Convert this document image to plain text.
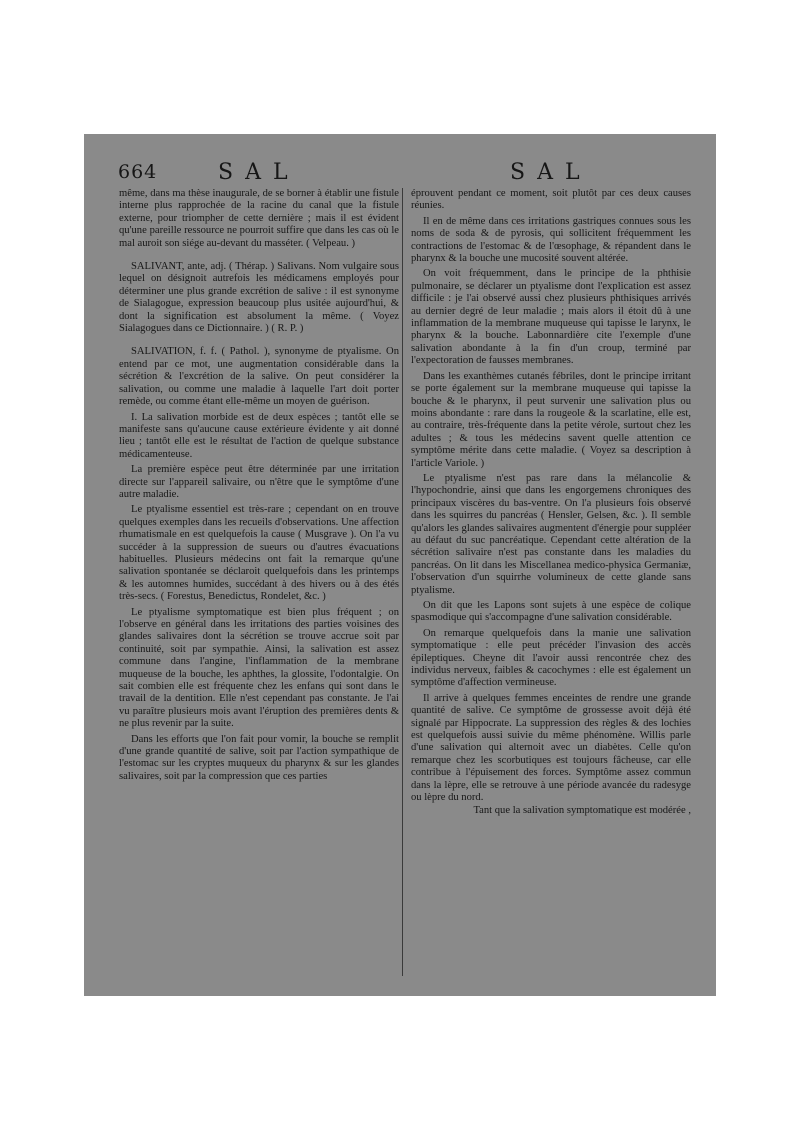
664	SAL	SAL

même, dans ma thèse inaugurale, de se borner à établir une fistule interne plus rapprochée de la racine du canal que la fistule externe, pour triompher de cette dernière ; mais il est évident qu'une pareille ressource ne pourroit suffire que dans les cas où le mal auroit son siége au-devant du masséter. ( Velpeau. )

SALIVANT, ante, adj. ( Thérap. ) Salivans. Nom vulgaire sous lequel on désignoit autrefois les médicamens employés pour déterminer une plus grande excrétion de salive : il est synonyme de Sialagogue, expression beaucoup plus usitée aujourd'hui, & dont la signification est absolument la même. ( Voyez Sialagogues dans ce Dictionnaire. ) ( R. P. )

SALIVATION, f. f. ( Pathol. ), synonyme de ptyalisme. On entend par ce mot, une augmentation considérable dans la sécrétion & l'excrétion de la salive. On peut considérer la salivation, ou comme une maladie à laquelle l'art doit porter remède, ou comme étant elle-même un moyen de guérison.

I. La salivation morbide est de deux espèces ; tantôt elle se manifeste sans qu'aucune cause extérieure évidente y ait donné lieu ; tantôt elle est le résultat de l'action de quelque substance médicamenteuse.

La première espèce peut être déterminée par une irritation directe sur l'appareil salivaire, ou n'être que le symptôme d'une autre maladie.

Le ptyalisme essentiel est très-rare ; cependant on en trouve quelques exemples dans les recueils d'observations. Une affection rhumatismale en est quelquefois la cause ( Musgrave ). On l'a vu succéder à la suppression de sueurs ou d'autres évacuations habituelles. Plusieurs médecins ont fait la remarque qu'une salivation spontanée se déclaroit quelquefois dans les printemps & les automnes humides, succédant à des hivers ou à des étés très-secs. ( Forestus, Benedictus, Rondelet, &c. )

Le ptyalisme symptomatique est bien plus fréquent ; on l'observe en général dans les irritations des parties voisines des glandes salivaires dont la sécrétion se trouve accrue soit par continuité, soit par sympathie. Ainsi, la salivation est assez commune dans l'angine, l'inflammation de la membrane muqueuse de la bouche, les aphthes, la glossite, l'odontalgie. On sait combien elle est fréquente chez les enfans qui sont dans le travail de la dentition. Elle n'est cependant pas constante. Je l'ai vu paraître plusieurs mois avant l'éruption des premières dents & ne plus revenir par la suite.

Dans les efforts que l'on fait pour vomir, la bouche se remplit d'une grande quantité de salive, soit par l'action sympathique de l'estomac sur les cryptes muqueux du pharynx & sur les glandes salivaires, soit par la compression que ces parties

éprouvent pendant ce moment, soit plutôt par ces deux causes réunies.

Il en de même dans ces irritations gastriques connues sous les noms de soda & de pyrosis, qui sollicitent fréquemment les contractions de l'estomac & de l'œsophage, & répandent dans le pharynx & la bouche une mucosité souvent altérée.

On voit fréquemment, dans le principe de la phthisie pulmonaire, se déclarer un ptyalisme dont l'explication est assez difficile : je l'ai observé aussi chez plusieurs phthisiques arrivés au dernier degré de leur maladie ; mais alors il étoit dû à une inflammation de la membrane muqueuse qui tapisse le larynx, le pharynx & la bouche. Labonnardière cite l'exemple d'une salivation abondante à la fin d'un croup, terminé par l'expectoration de fausses membranes.

Dans les exanthèmes cutanés fébriles, dont le principe irritant se porte également sur la membrane muqueuse qui tapisse la bouche & le pharynx, il peut survenir une salivation plus ou moins abondante : rare dans la rougeole & la scarlatine, elle est, au contraire, très-fréquente dans la petite vérole, surtout chez les adultes ; & tous les médecins savent quelle attention ce symptôme mérite dans cette maladie. ( Voyez sa description à l'article Variole. )

Le ptyalisme n'est pas rare dans la mélancolie & l'hypochondrie, ainsi que dans les engorgemens chroniques des principaux viscères du bas-ventre. On l'a plusieurs fois observé dans les squirres du pancréas ( Hensler, Gelsen, &c. ). Il semble qu'alors les glandes salivaires augmentent d'énergie pour suppléer au défaut du suc pancréatique. Cependant cette altération de la sécrétion salivaire n'est pas constante dans les maladies du pancréas. On lit dans les Miscellanea medico-physica Germaniæ, l'observation d'un squirrhe volumineux de cette glande sans ptyalisme.

On dit que les Lapons sont sujets à une espèce de colique spasmodique qui s'accompagne d'une salivation considérable.

On remarque quelquefois dans la manie une salivation symptomatique : elle peut précéder l'invasion des accès épileptiques. Cheyne dit l'avoir aussi rencontrée chez des individus nerveux, faibles & cacochymes : elle est également un symptôme d'affection vermineuse.

Il arrive à quelques femmes enceintes de rendre une grande quantité de salive. Ce symptôme de grossesse avoit déjà été signalé par Hippocrate. La suppression des règles & des lochies est quelquefois aussi suivie du même phénomène. Willis parle d'une salivation qui alternoit avec un diabètes. Celle qu'on remarque chez les scorbutiques est toujours fâcheuse, car elle contribue à l'épuisement des forces. Symptôme assez commun dans la lèpre, elle se retrouve à une période avancée du radesyge ou lèpre du nord.

Tant que la salivation symptomatique est modérée ,
